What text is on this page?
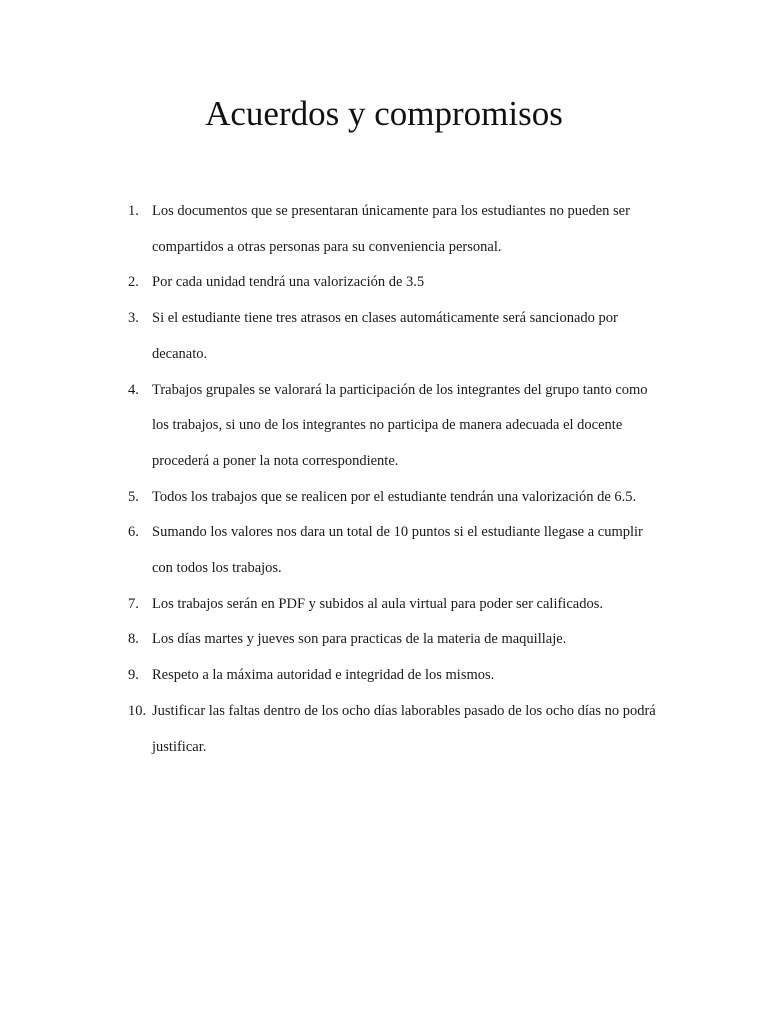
Acuerdos y compromisos
1. Los documentos que se presentaran únicamente para los estudiantes no pueden ser compartidos a otras personas para su conveniencia personal.
2. Por cada unidad tendrá una valorización de 3.5
3. Si el estudiante tiene tres atrasos en clases automáticamente será sancionado por decanato.
4. Trabajos grupales se valorará la participación de los integrantes del grupo tanto como los trabajos, si uno de los integrantes no participa de manera adecuada el docente procederá a poner la nota correspondiente.
5. Todos los trabajos que se realicen por el estudiante tendrán una valorización de 6.5.
6. Sumando los valores nos dara un total de 10 puntos si el estudiante llegase a cumplir con todos los trabajos.
7. Los trabajos serán en PDF y subidos al aula virtual para poder ser calificados.
8. Los días martes y jueves son para practicas de la materia de maquillaje.
9. Respeto a la máxima autoridad e integridad de los mismos.
10. Justificar las faltas dentro de los ocho días laborables pasado de los ocho días no podrá justificar.
